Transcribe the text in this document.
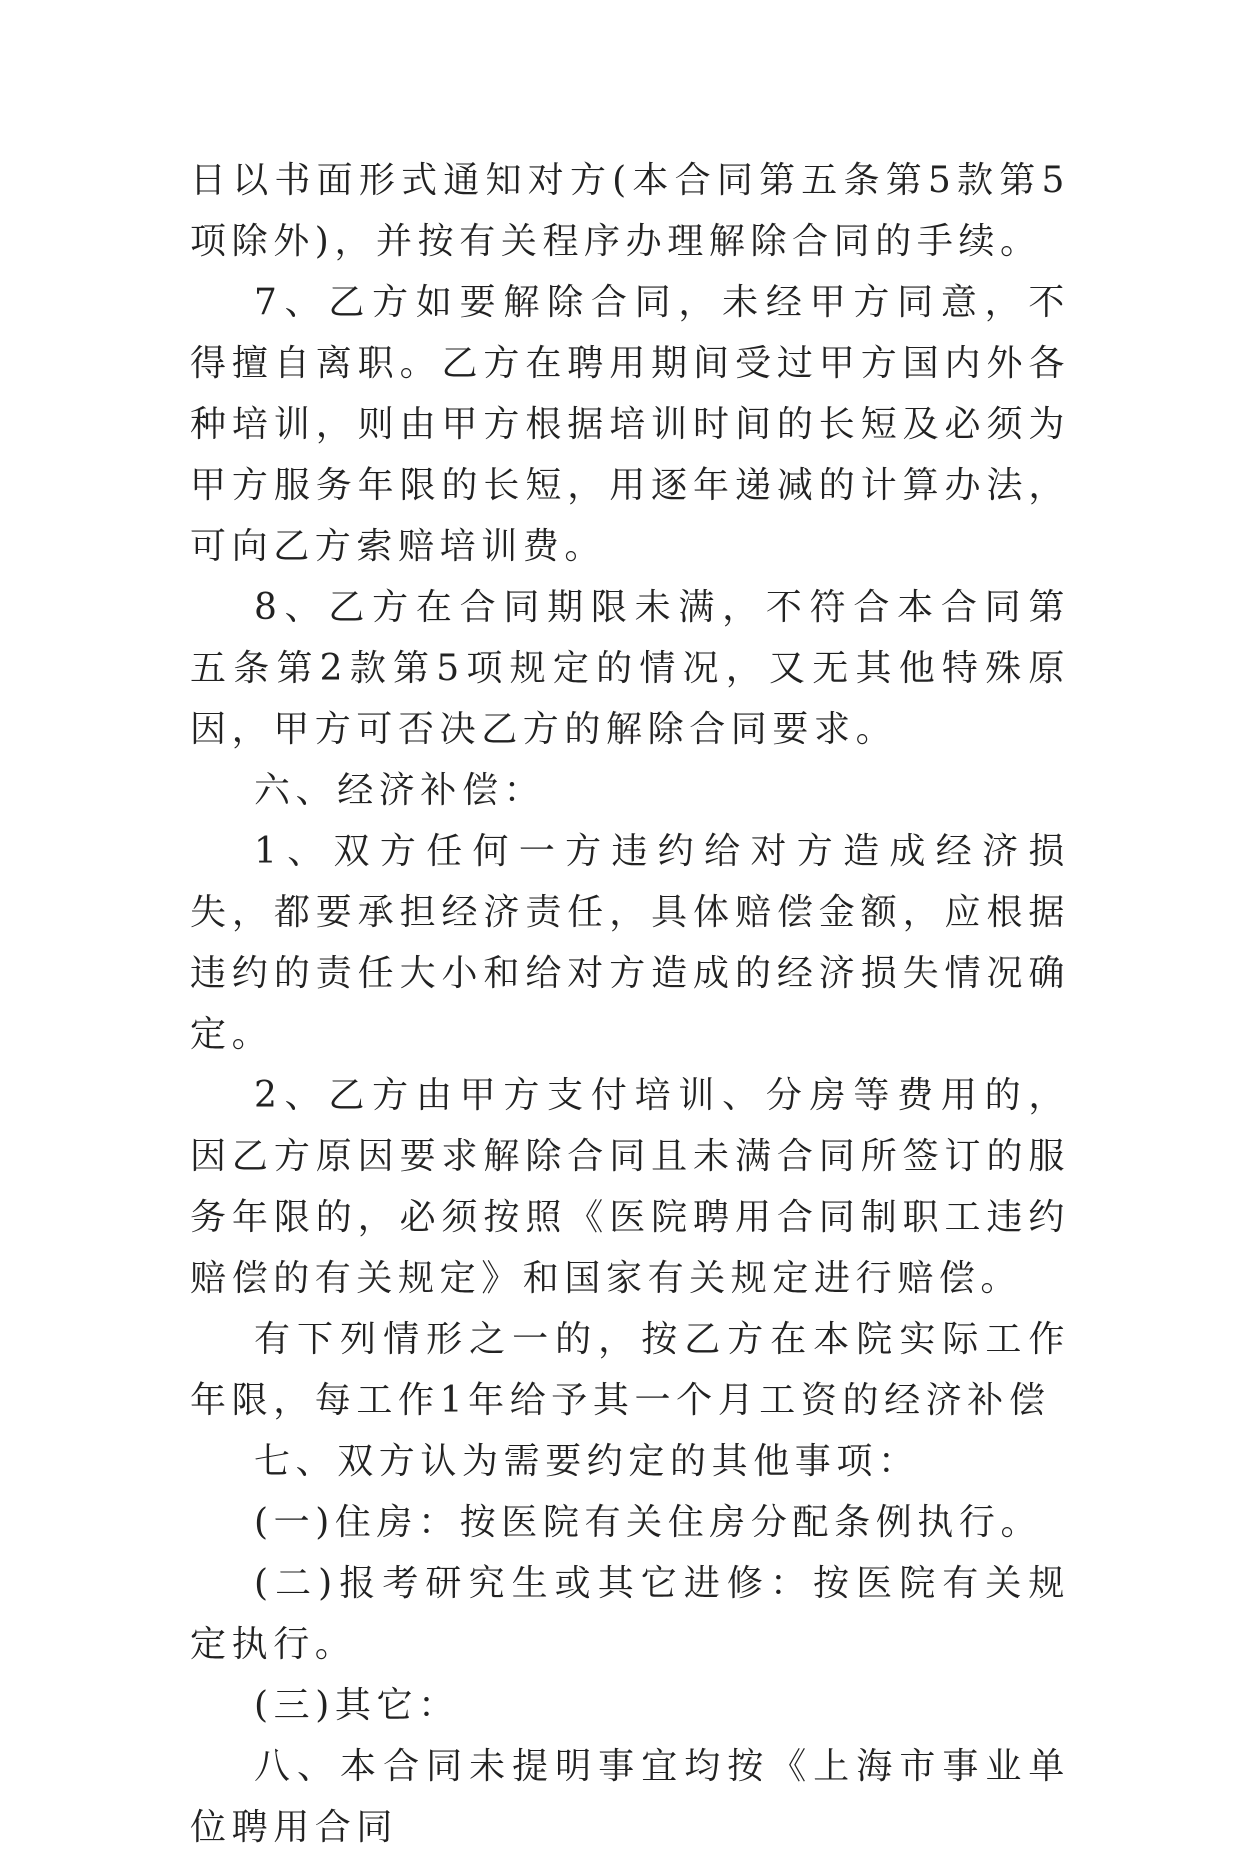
日以书面形式通知对方(本合同第五条第5款第5项除外)，并按有关程序办理解除合同的手续。

7、乙方如要解除合同，未经甲方同意，不得擅自离职。乙方在聘用期间受过甲方国内外各种培训，则由甲方根据培训时间的长短及必须为甲方服务年限的长短，用逐年递减的计算办法，可向乙方索赔培训费。

8、乙方在合同期限未满，不符合本合同第五条第2款第5项规定的情况，又无其他特殊原因，甲方可否决乙方的解除合同要求。

六、经济补偿：

1、双方任何一方违约给对方造成经济损失，都要承担经济责任，具体赔偿金额，应根据违约的责任大小和给对方造成的经济损失情况确定。

2、乙方由甲方支付培训、分房等费用的，因乙方原因要求解除合同且未满合同所签订的服务年限的，必须按照《医院聘用合同制职工违约赔偿的有关规定》和国家有关规定进行赔偿。

有下列情形之一的，按乙方在本院实际工作年限，每工作1年给予其一个月工资的经济补偿

七、双方认为需要约定的其他事项：

(一)住房：按医院有关住房分配条例执行。

(二)报考研究生或其它进修：按医院有关规定执行。

(三)其它：

八、本合同未提明事宜均按《上海市事业单位聘用合同
